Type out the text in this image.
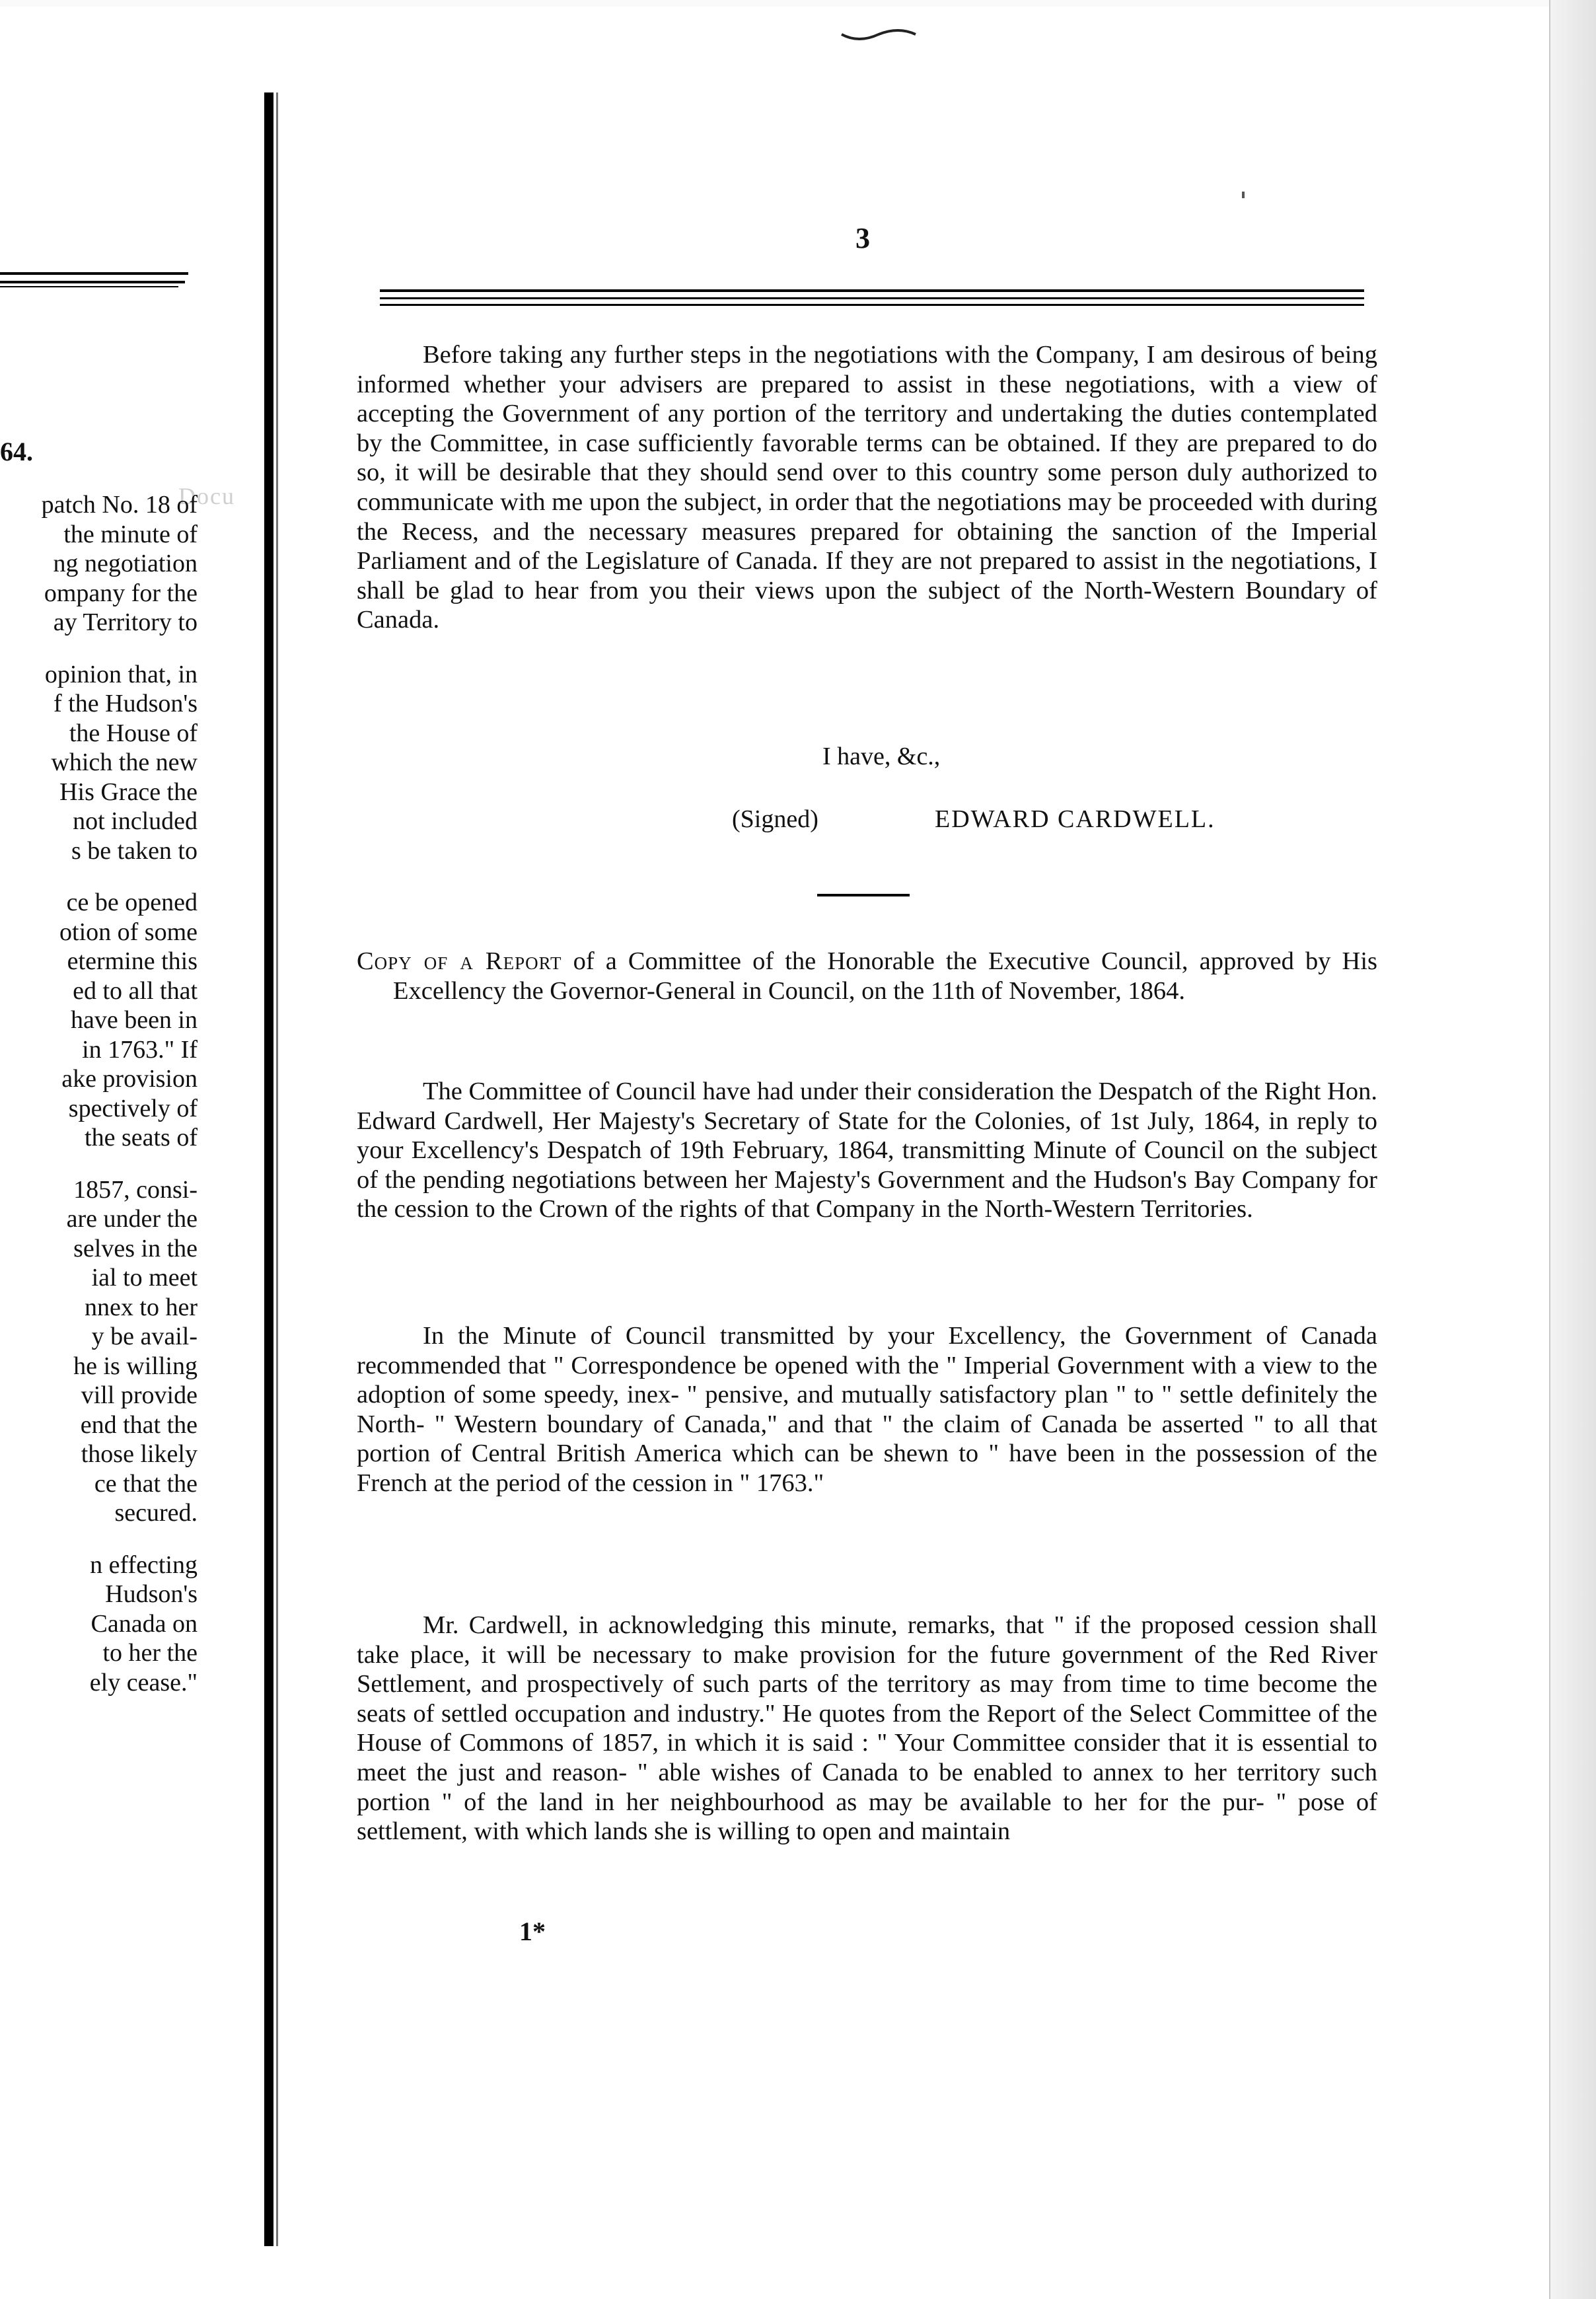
64.
Docu
patch No. 18 of
the minute of
ng negotiation
ompany for the
ay Territory to
opinion that, in
f the Hudson's
the House of
which the new
His Grace the
not included
s be taken to
ce be opened
otion of some
etermine this
ed to all that
have been in
in 1763." If
ake provision
spectively of
the seats of
1857, consi-
are under the
selves in the
ial to meet
nnex to her
y be avail-
he is willing
vill provide
end that the
those likely
ce that the
secured.
n effecting
Hudson's
Canada on
to her the
ely cease."
3

Before taking any further steps in the negotiations with the Company, I am desirous of being informed whether your advisers are prepared to assist in these negotiations, with a view of accepting the Government of any portion of the territory and undertaking the duties contemplated by the Committee, in case sufficiently favorable terms can be obtained. If they are prepared to do so, it will be desirable that they should send over to this country some person duly authorized to communicate with me upon the subject, in order that the negotiations may be proceeded with during the Recess, and the necessary measures prepared for obtaining the sanction of the Imperial Parliament and of the Legislature of Canada. If they are not prepared to assist in the negotiations, I shall be glad to hear from you their views upon the subject of the North-Western Boundary of Canada.

I have, &c.,
(Signed)	EDWARD CARDWELL.

Copy of a Report of a Committee of the Honorable the Executive Council, approved by His Excellency the Governor-General in Council, on the 11th of November, 1864.

The Committee of Council have had under their consideration the Despatch of the Right Hon. Edward Cardwell, Her Majesty's Secretary of State for the Colonies, of 1st July, 1864, in reply to your Excellency's Despatch of 19th February, 1864, transmitting Minute of Council on the subject of the pending negotiations between her Majesty's Government and the Hudson's Bay Company for the cession to the Crown of the rights of that Company in the North-Western Territories.

In the Minute of Council transmitted by your Excellency, the Government of Canada recommended that " Correspondence be opened with the " Imperial Government with a view to the adoption of some speedy, inex- " pensive, and mutually satisfactory plan " to " settle definitely the North- " Western boundary of Canada," and that " the claim of Canada be asserted " to all that portion of Central British America which can be shewn to " have been in the possession of the French at the period of the cession in " 1763."

Mr. Cardwell, in acknowledging this minute, remarks, that " if the proposed cession shall take place, it will be necessary to make provision for the future government of the Red River Settlement, and prospectively of such parts of the territory as may from time to time become the seats of settled occupation and industry." He quotes from the Report of the Select Committee of the House of Commons of 1857, in which it is said : " Your Committee consider that it is essential to meet the just and reason- " able wishes of Canada to be enabled to annex to her territory such portion " of the land in her neighbourhood as may be available to her for the pur- " pose of settlement, with which lands she is willing to open and maintain

1*
